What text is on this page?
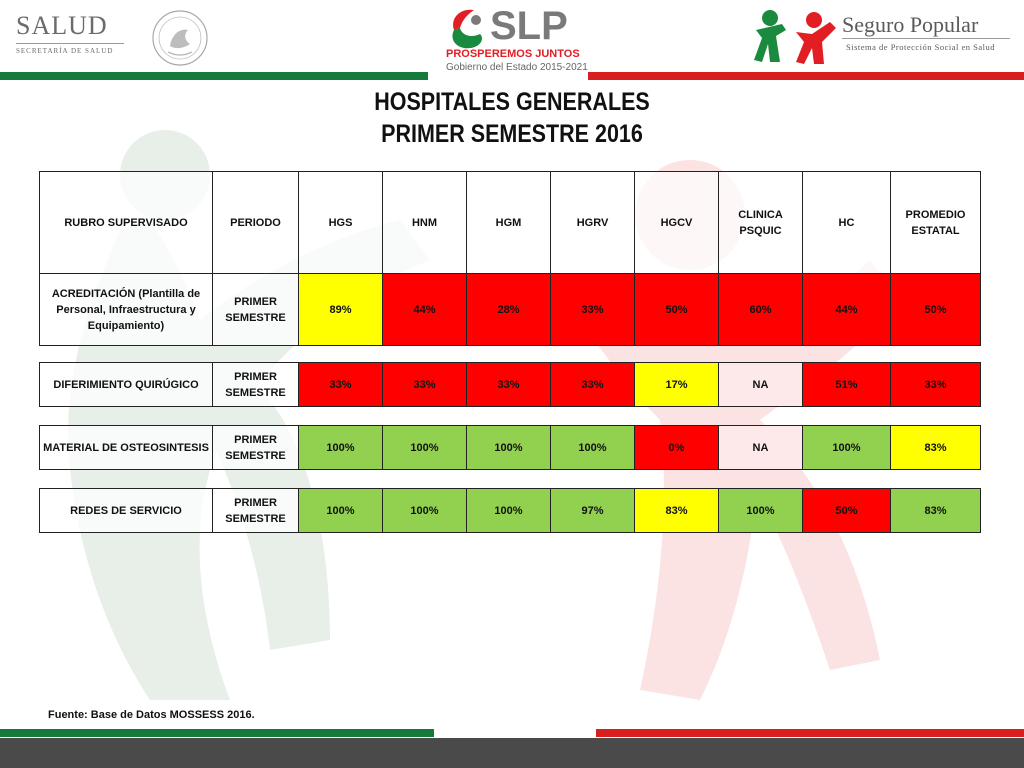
SALUD
SECRETARÍA DE SALUD
SLP
PROSPEREMOS JUNTOS
Gobierno del Estado 2015-2021
Seguro Popular
Sistema de Protección Social en Salud
HOSPITALES GENERALES
PRIMER SEMESTRE 2016
RUBRO SUPERVISADO	PERIODO	HGS	HNM	HGM	HGRV	HGCV	CLINICA PSQUIC	HC	PROMEDIO ESTATAL
ACREDITACIÓN (Plantilla de Personal, Infraestructura y Equipamiento)	PRIMER SEMESTRE	89%	44%	28%	33%	50%	60%	44%	50%
DIFERIMIENTO QUIRÚGICO	PRIMER SEMESTRE	33%	33%	33%	33%	17%	NA	51%	33%
MATERIAL DE OSTEOSINTESIS	PRIMER SEMESTRE	100%	100%	100%	100%	0%	NA	100%	83%
REDES DE SERVICIO	PRIMER SEMESTRE	100%	100%	100%	97%	83%	100%	50%	83%
Fuente: Base de Datos MOSSESS 2016.
